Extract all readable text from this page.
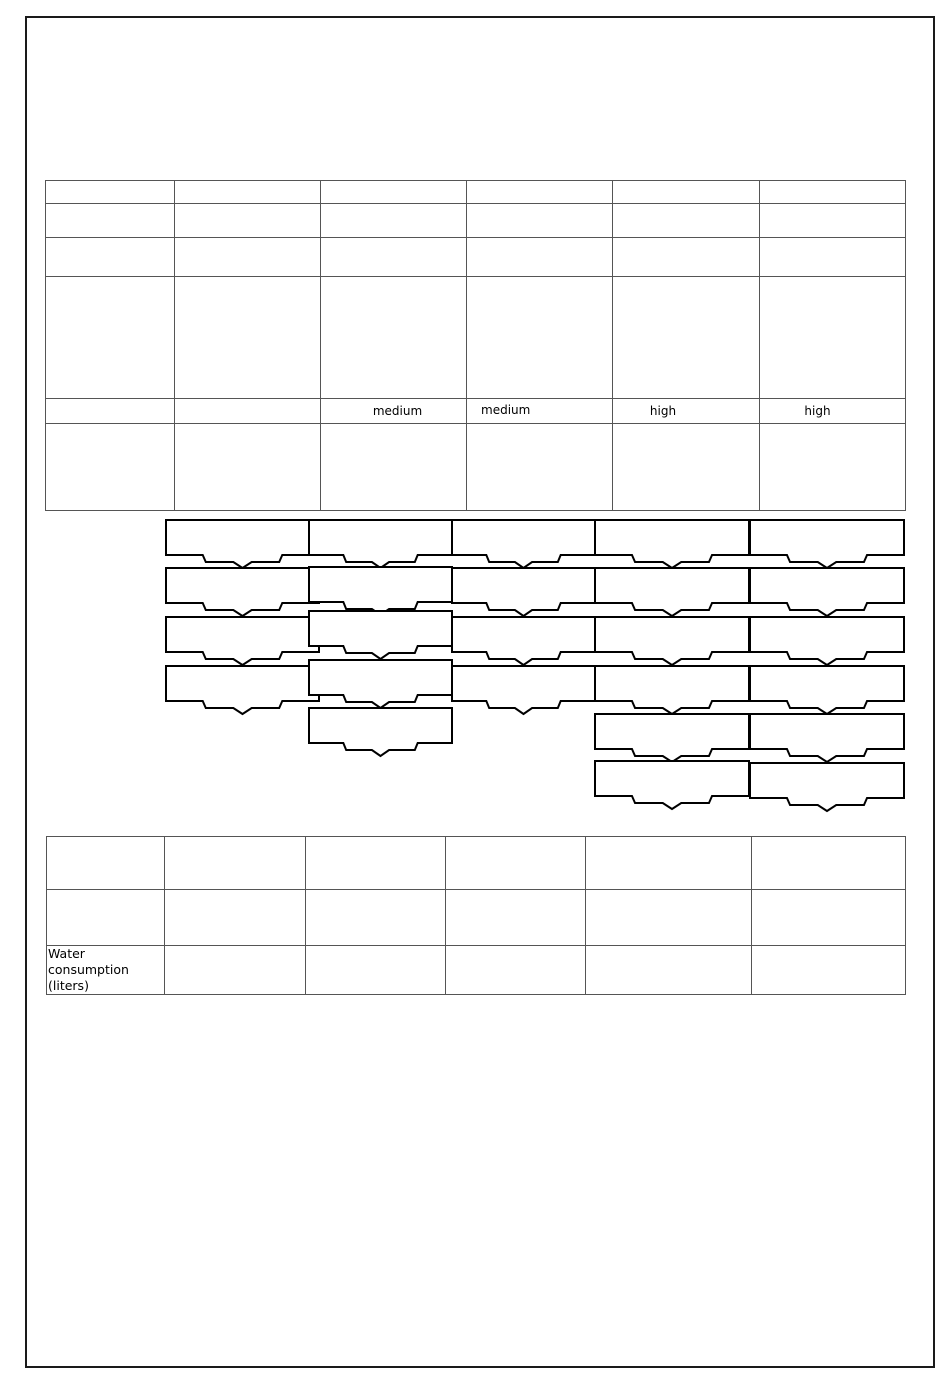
		medium	medium	high	high

Water consumption (liters)					
